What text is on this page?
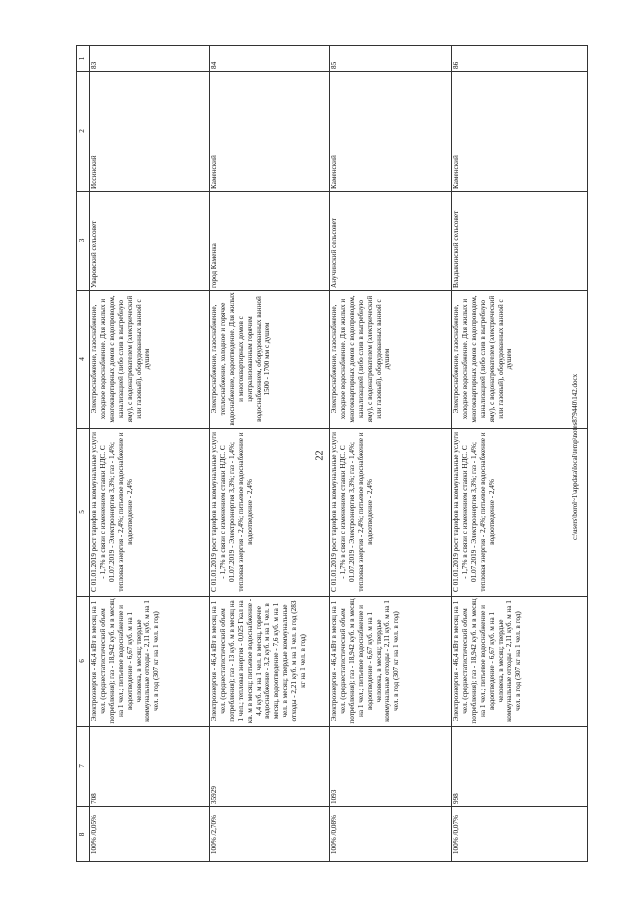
22	c:\users\borol~1\appdata\local\temp\notes879440\142.docx
1
2
3
4
5
6
7
8
83
Иссинский
Уваровский сельсовет
Электроснабжение, газоснабжение, холодное водоснабжение. Для жилых и многоквартирных домов с водопроводом, канализацией (либо слив в выгребную яму), с водонагревателем (электрический или газовый), оборудованных ванной с душем
С 01.01.2019 рост тарифов на коммунальные услуги - 1,7% в связи с изменением ставки НДС. С 01.07.2019 - Электроэнергия 3,3%; газ - 1,4%; тепловая энергия - 2,4%; питьевое водоснабжение и водоотведение - 2,4%
Электроэнергия - 46,4 кВт в месяц на 1 чел. (среднестатистический объем потребления); газ - 18,942 куб. м в месяц на 1 чел.; питьевое водоснабжение и водоотведение - 6,67 куб. м на 1 человека, в месяц; твердые коммунальные отходы - 2,11 куб. м на 1 чел. в год (307 кг на 1 чел. в год)
708
100% /0,05%
84
Каменский
город Каменка
Электроснабжение, газоснабжение, теплоснабжение, холодное и горячее водоснабжение, водоотведение. Для жилых и многоквартирных домов с централизованным горячим водоснабжением, оборудованных ванной 1500 - 1700 мм с душем
С 01.01.2019 рост тарифов на коммунальные услуги - 1,7% в связи с изменением ставки НДС. С 01.07.2019 - Электроэнергия 3,3%; газ - 1,4%; тепловая энергия - 2,4%; питьевое водоснабжение и водоотведение - 2,4%
Электроэнергия - 46,4 кВт в месяц на 1 чел. (среднестатистический объем потребления); газ - 13 куб. м в месяц на 1 чел.; тепловая энергия - 0,025 Гкал на кв. м в месяц; питьевое водоснабжение - 4,4 куб. м на 1 чел. в месяц, горячее водоснабжение - 3,2 куб. м на 1 чел. в месяц, водоотведение - 7,6 куб. м на 1 чел. в месяц; твердые коммунальные отходы - 2,21 куб. м на 1 чел. в год (283 кг на 1 чел. в год)
35929
100% /2,70%
85
Каменский
Анучинский сельсовет
Электроснабжение, газоснабжение, холодное водоснабжение. Для жилых и многоквартирных домов с водопроводом, канализацией (либо слив в выгребную яму), с водонагревателем (электрический или газовый), оборудованных ванной с душем
С 01.01.2019 рост тарифов на коммунальные услуги - 1,7% в связи с изменением ставки НДС. С 01.07.2019 - Электроэнергия 3,3%; газ - 1,4%; тепловая энергия - 2,4%; питьевое водоснабжение и водоотведение - 2,4%
Электроэнергия - 46,4 кВт в месяц на 1 чел. (среднестатистический объем потребления); газ - 18,942 куб. м в месяц на 1 чел.; питьевое водоснабжение и водоотведение - 6,67 куб. м на 1 человека, в месяц; твердые коммунальные отходы - 2,11 куб. м на 1 чел. в год (307 кг на 1 чел. в год)
1093
100% /0,08%
86
Каменский
Владыкинский сельсовет
Электроснабжение, газоснабжение, холодное водоснабжение. Для жилых и многоквартирных домов с водопроводом, канализацией (либо слив в выгребную яму), с водонагревателем (электрический или газовый), оборудованных ванной с душем
С 01.01.2019 рост тарифов на коммунальные услуги - 1,7% в связи с изменением ставки НДС. С 01.07.2019 - Электроэнергия 3,3%; газ - 1,4%; тепловая энергия - 2,4%; питьевое водоснабжение и водоотведение - 2,4%
Электроэнергия - 46,4 кВт в месяц на 1 чел. (среднестатистический объем потребления); газ - 18,942 куб. м в месяц на 1 чел.; питьевое водоснабжение и водоотведение - 6,67 куб. м на 1 человека, в месяц; твердые коммунальные отходы - 2,11 куб. м на 1 чел. в год (307 кг на 1 чел. в год)
998
100% /0,07%
